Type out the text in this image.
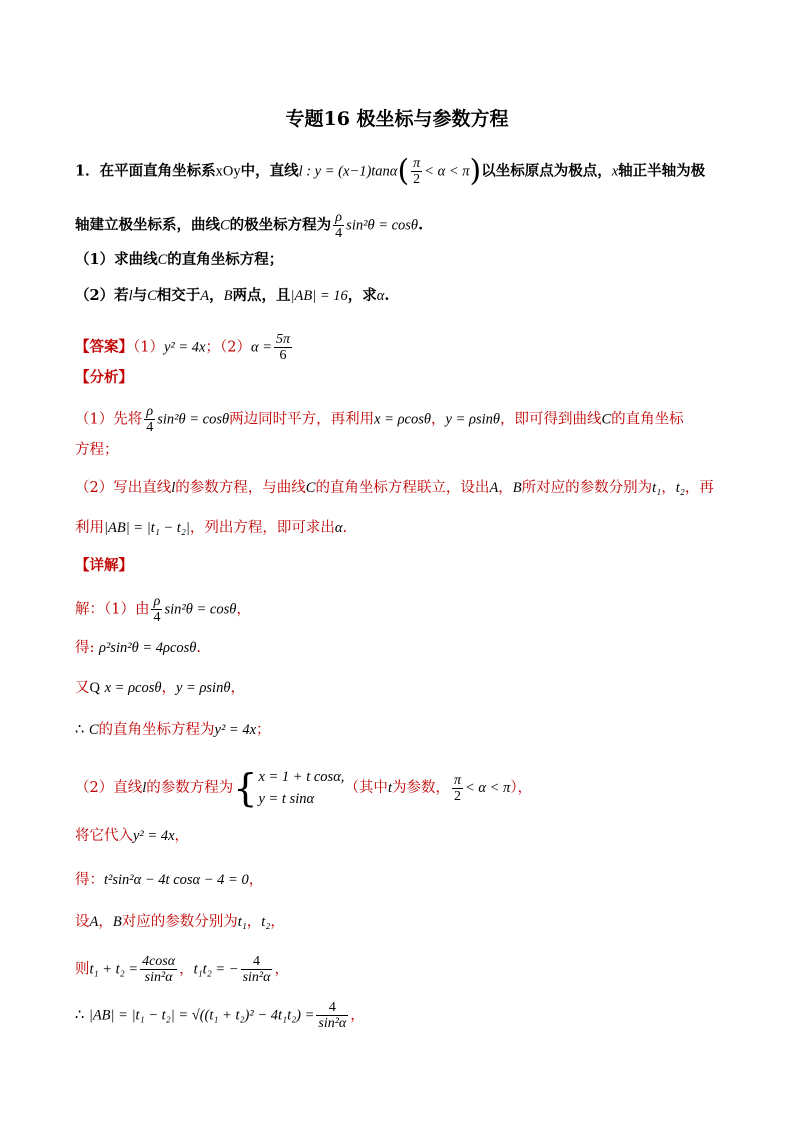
专题16 极坐标与参数方程
1．在平面直角坐标系xOy中，直线l : $y = (x-1)\tan\alpha( \frac{\pi}{2} < \alpha < \pi)$以坐标原点为极点，x轴正半轴为极
轴建立极坐标系，曲线C的极坐标方程为 $\frac{\rho}{4} \sin^2\theta = \cos\theta$.
（1）求曲线C的直角坐标方程；
（2）若l与C相交于A，B两点，且|AB| = 16，求α.
【答案】（1）y² = 4x；$(2)\alpha = \frac{5\pi}{6}$
【分析】
（1）先将 $\frac{\rho}{4} \sin^2\theta = \cos\theta$两边同时平方，再利用x = ρcosθ，y = ρsinθ，即可得到曲线C的直角坐标
方程；
（2）写出直线l的参数方程，与曲线C的直角坐标方程联立，设出A，B所对应的参数分别为t₁，t₂，再
利用|AB| = |t₁ − t₂|，列出方程，即可求出α.
【详解】
解：（1）由 $\frac{\rho}{4} \sin^2\theta = \cos\theta$，
得: ρ²sin²θ = 4ρcosθ.
又Q x = ρcosθ，y = ρsinθ，
∴ C的直角坐标方程为y² = 4x；
（2）直线l的参数方程为{ x = 1 + t cosα,
y = t sinα
（其中t为参数， $\frac{\pi}{2} < \alpha < \pi$），
将它代入y² = 4x，
得：t²sin²α − 4t cosα − 4 = 0，
设A，B对应的参数分别为t₁，t₂，
则$t_1 + t_2 = \frac{4\cos\alpha}{\text{sin²α}}$ ，t₁t₂ = − $\frac{4}{\text{sin²α}}$ ，
∴ $|AB| = |t_1 - t_2| = √((t_1 + t_2)^2 - 4t_1t_2) = \frac{4}{\text{sin²α}}$ ，
